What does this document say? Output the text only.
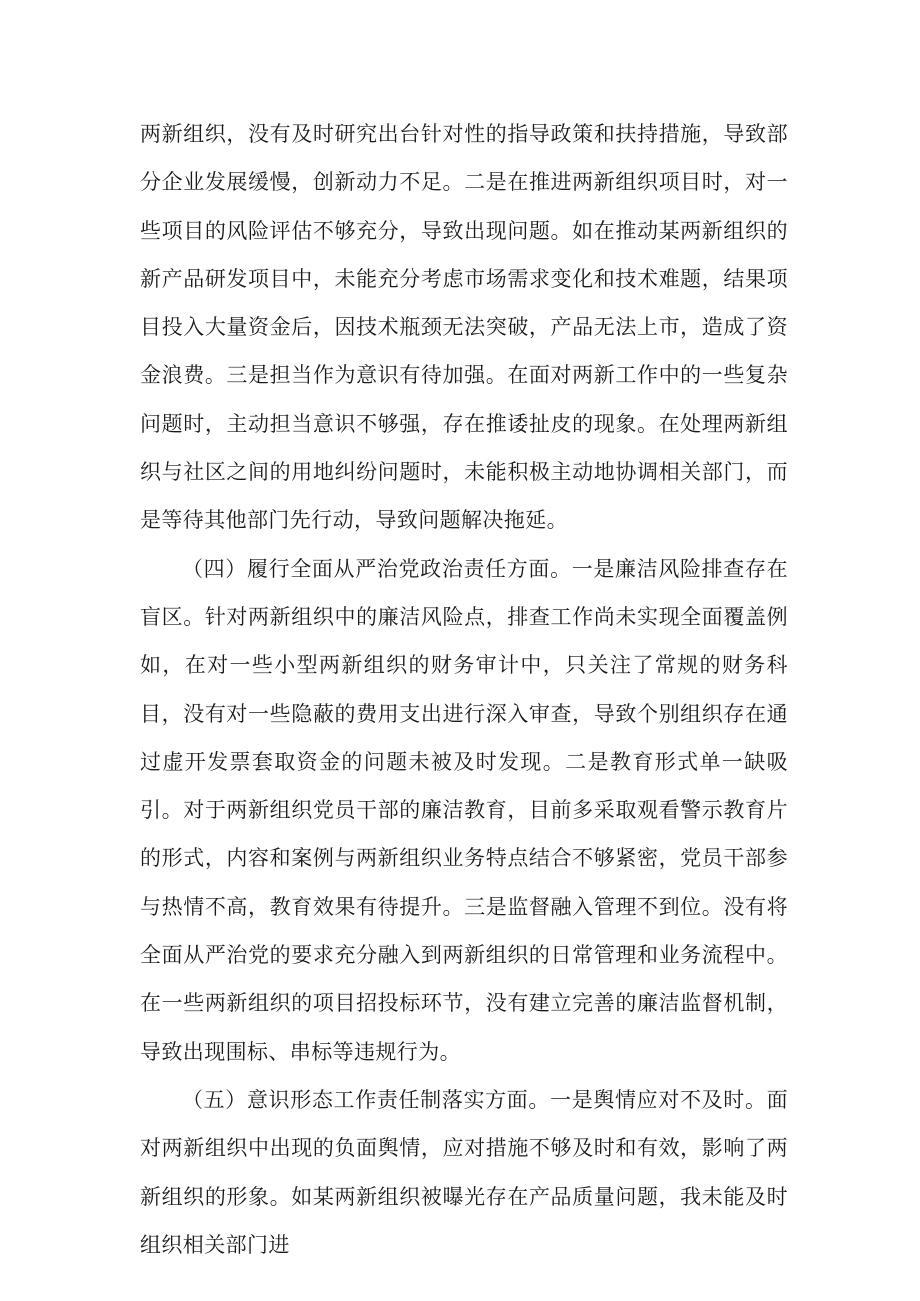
两新组织，没有及时研究出台针对性的指导政策和扶持措施，导致部分企业发展缓慢，创新动力不足。二是在推进两新组织项目时，对一些项目的风险评估不够充分，导致出现问题。如在推动某两新组织的新产品研发项目中，未能充分考虑市场需求变化和技术难题，结果项目投入大量资金后，因技术瓶颈无法突破，产品无法上市，造成了资金浪费。三是担当作为意识有待加强。在面对两新工作中的一些复杂问题时，主动担当意识不够强，存在推诿扯皮的现象。在处理两新组织与社区之间的用地纠纷问题时，未能积极主动地协调相关部门，而是等待其他部门先行动，导致问题解决拖延。

（四）履行全面从严治党政治责任方面。一是廉洁风险排查存在盲区。针对两新组织中的廉洁风险点，排查工作尚未实现全面覆盖例如，在对一些小型两新组织的财务审计中，只关注了常规的财务科目，没有对一些隐蔽的费用支出进行深入审查，导致个别组织存在通过虚开发票套取资金的问题未被及时发现。二是教育形式单一缺吸引。对于两新组织党员干部的廉洁教育，目前多采取观看警示教育片的形式，内容和案例与两新组织业务特点结合不够紧密，党员干部参与热情不高，教育效果有待提升。三是监督融入管理不到位。没有将全面从严治党的要求充分融入到两新组织的日常管理和业务流程中。在一些两新组织的项目招投标环节，没有建立完善的廉洁监督机制，导致出现围标、串标等违规行为。

（五）意识形态工作责任制落实方面。一是舆情应对不及时。面对两新组织中出现的负面舆情，应对措施不够及时和有效，影响了两新组织的形象。如某两新组织被曝光存在产品质量问题，我未能及时组织相关部门进
